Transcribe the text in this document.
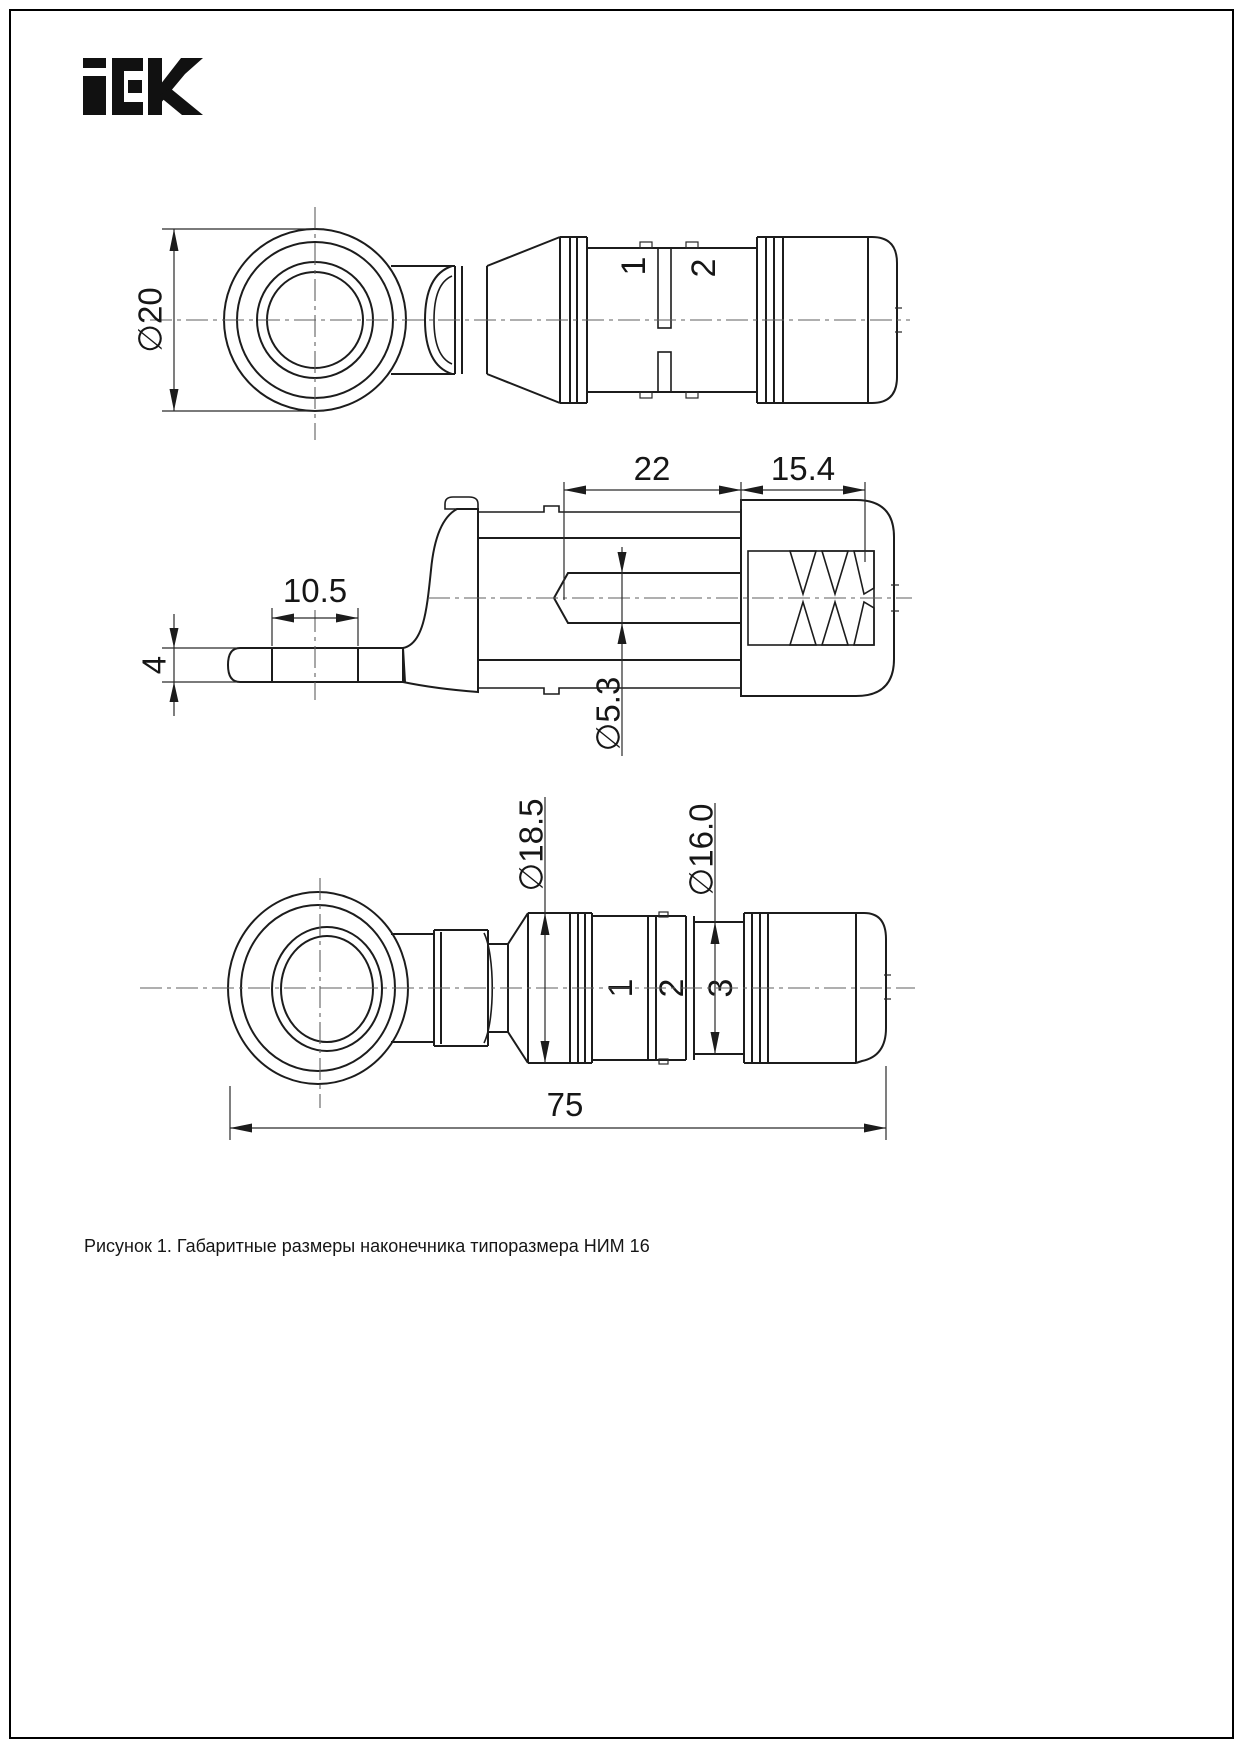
1 2
∅20
22	15.4
10.5
4
∅5.3
1 2 3
∅18.5	∅16.0
75
Рисунок 1. Габаритные размеры наконечника типоразмера НИМ 16
